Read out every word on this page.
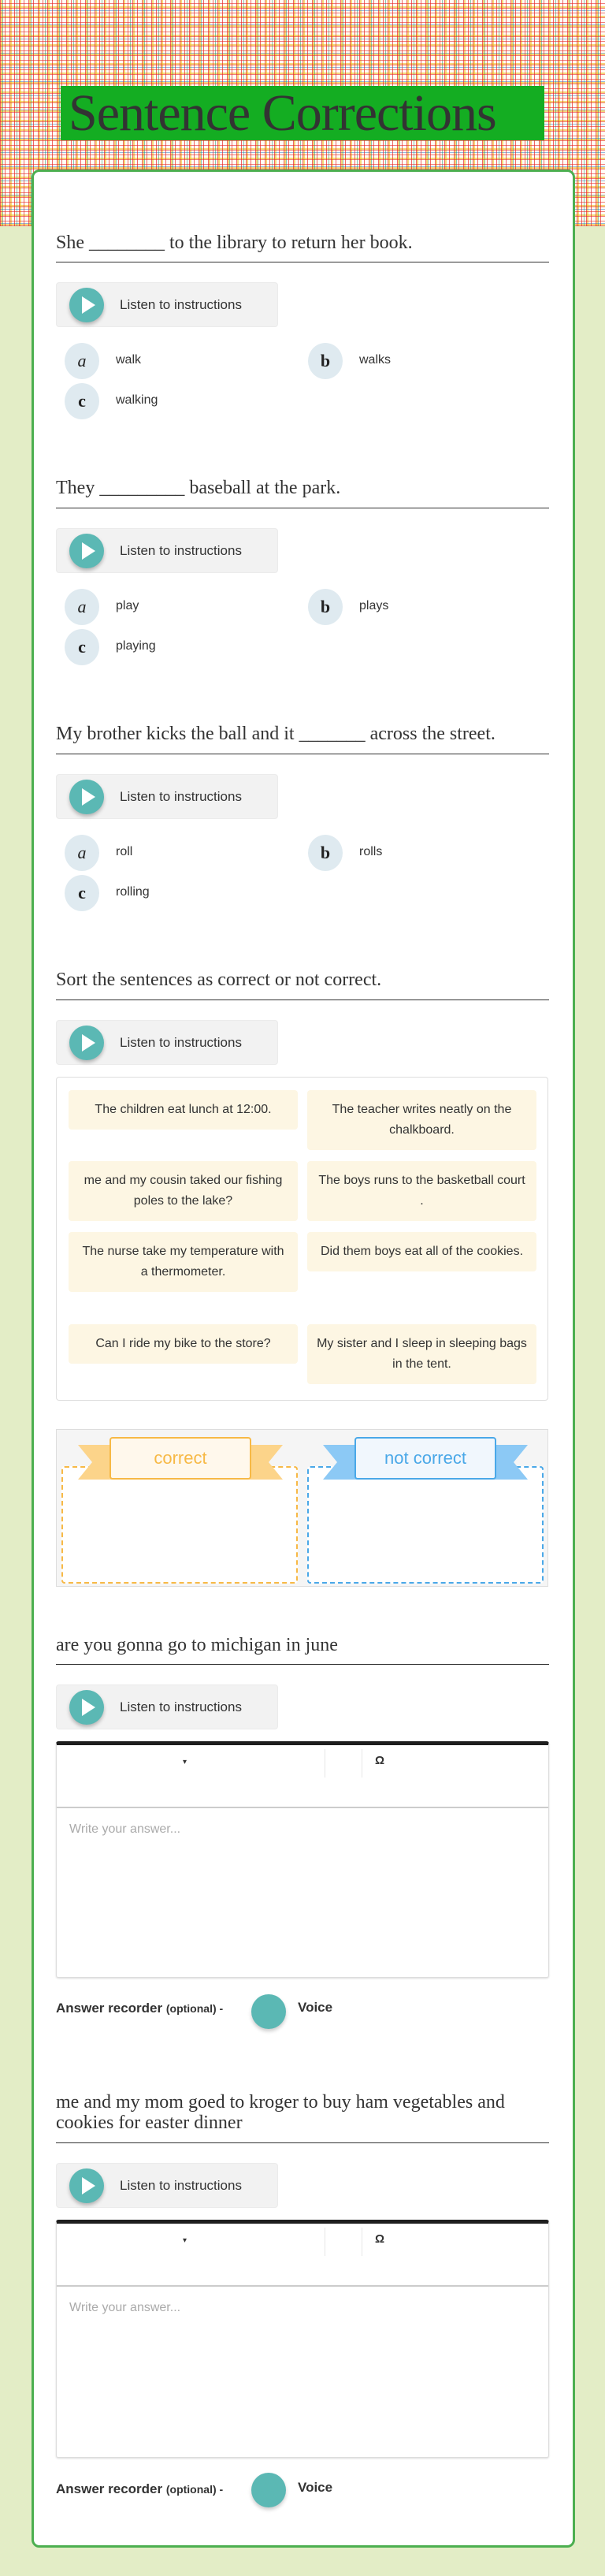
Sentence Corrections
She ________ to the library to return her book.
Listen to instructions
a	walk	b	walks
c	walking
They _________ baseball at the park.
Listen to instructions
a	play	b	plays
c	playing
My brother kicks the ball and it _______ across the street.
Listen to instructions
a	roll	b	rolls
c	rolling
Sort the sentences as correct or not correct.
Listen to instructions
The children eat lunch at 12:00.	The teacher writes neatly on the chalkboard.
me and my cousin taked our fishing poles to the lake?
The boys runs to the basketball court .
The nurse take my temperature with a thermometer.
Did them boys eat all of the cookies.
Can I ride my bike to the store?	My sister and I sleep in sleeping bags in the tent.
correct	not correct
are you gonna go to michigan in june
Listen to instructions
▾	Ω
Write your answer...
Answer recorder (optional) -	Voice
me and my mom goed to kroger to buy ham vegetables and cookies for easter dinner
Listen to instructions
▾	Ω
Write your answer...
Answer recorder (optional) -	Voice
